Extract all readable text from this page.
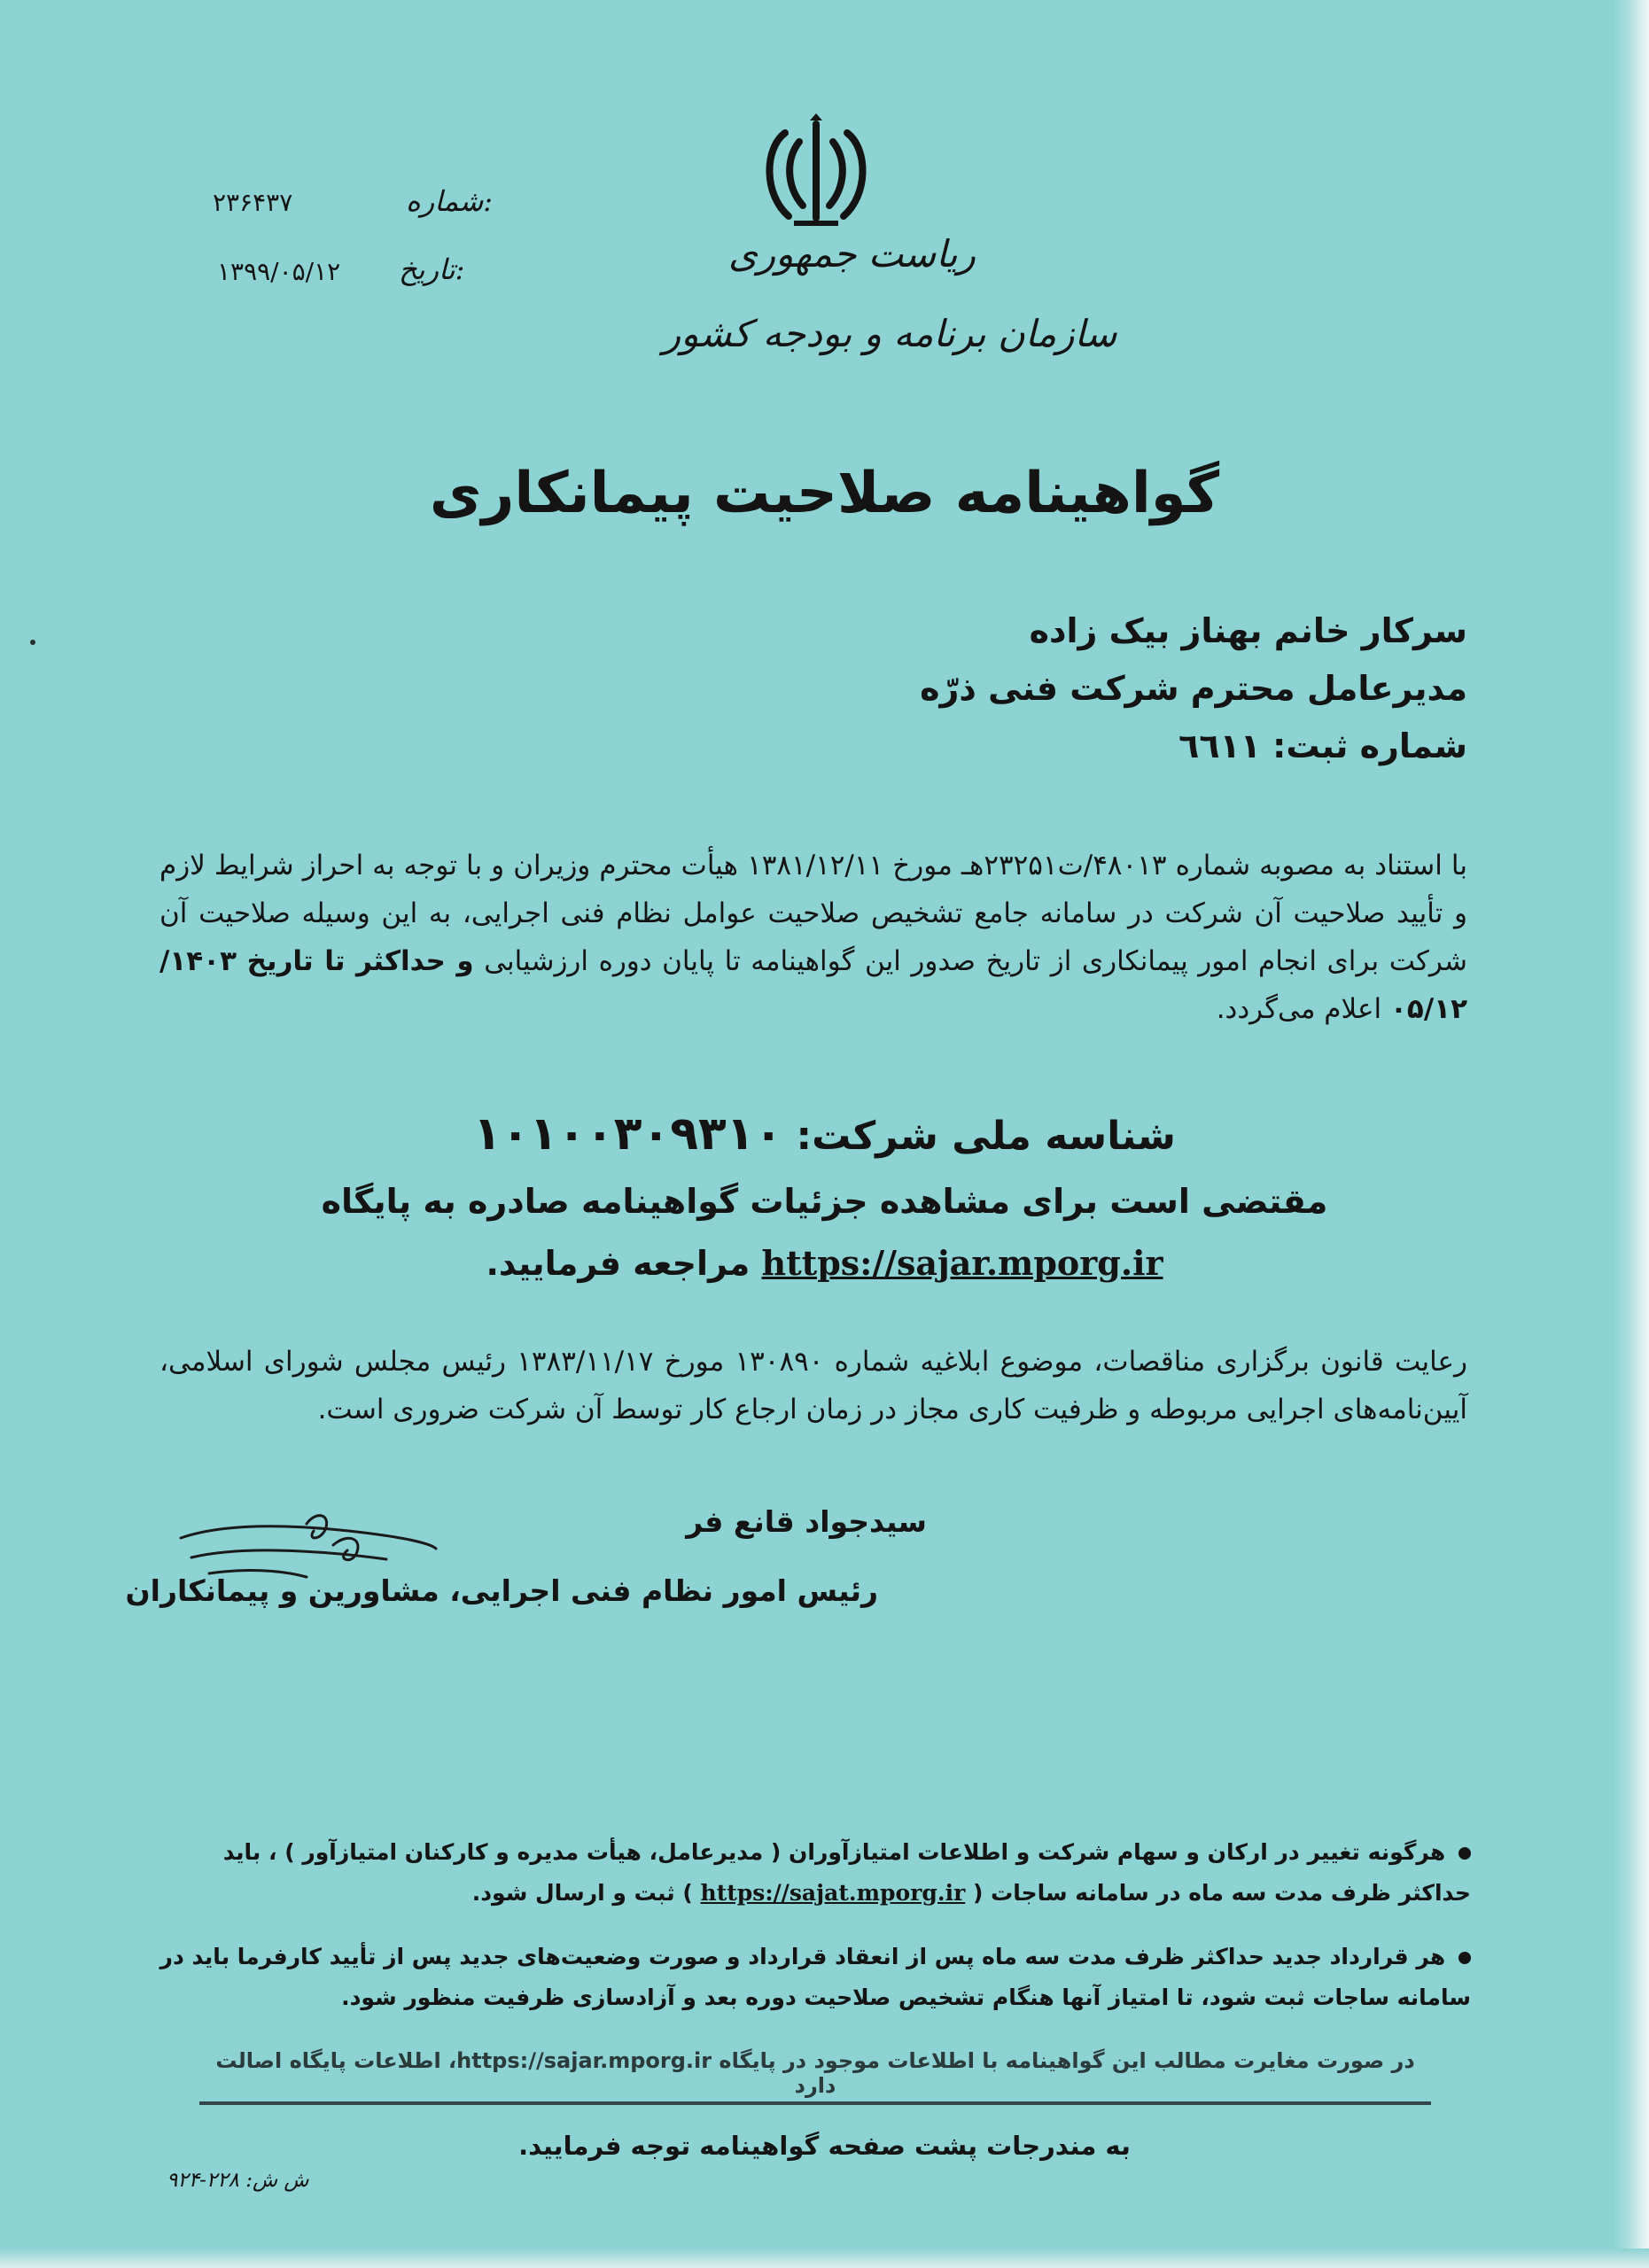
شماره:
۲۳۶۴۳۷
تاریخ:
۱۳۹۹/۰۵/۱۲	ریاست جمهوری
سازمان برنامه و بودجه کشور
گواهینامه صلاحیت پیمانکاری
سرکار خانم بهناز بیک زاده
مدیرعامل محترم شرکت فنی ذرّه
شماره ثبت: ٦٦١١
با استناد به مصوبه شماره ۴۸۰۱۳/ت۲۳۲۵۱هـ مورخ ۱۳۸۱/۱۲/۱۱ هیأت محترم وزیران و با توجه به احراز شرایط لازم و تأیید صلاحیت آن شرکت در سامانه جامع تشخیص صلاحیت عوامل نظام فنی اجرایی، به این وسیله صلاحیت آن شرکت برای انجام امور پیمانکاری از تاریخ صدور این گواهینامه تا پایان دوره ارزشیابی و حداکثر تا تاریخ ۱۴۰۳/ ۰۵/۱۲ اعلام می‌گردد.
شناسه ملی شرکت: ۱۰۱۰۰۳۰۹۳۱۰
مقتضی است برای مشاهده جزئیات گواهینامه صادره به پایگاه
https://sajar.mporg.ir مراجعه فرمایید.
رعایت قانون برگزاری مناقصات، موضوع ابلاغیه شماره ۱۳۰۸۹۰ مورخ ۱۳۸۳/۱۱/۱۷ رئیس مجلس شورای اسلامی، آیین‌نامه‌های اجرایی مربوطه و ظرفیت کاری مجاز در زمان ارجاع کار توسط آن شرکت ضروری است.
سیدجواد قانع فر
رئیس امور نظام فنی اجرایی، مشاورین و پیمانکاران
هرگونه تغییر در ارکان و سهام شرکت و اطلاعات امتیازآوران ( مدیرعامل، هیأت مدیره و کارکنان امتیازآور ) ، باید حداکثر ظرف مدت سه ماه در سامانه ساجات ( https://sajat.mporg.ir ) ثبت و ارسال شود.
هر قرارداد جدید حداکثر ظرف مدت سه ماه پس از انعقاد قرارداد و صورت وضعیت‌های جدید پس از تأیید کارفرما باید در سامانه ساجات ثبت شود، تا امتیاز آنها هنگام تشخیص صلاحیت دوره بعد و آزادسازی ظرفیت منظور شود.
در صورت مغایرت مطالب این گواهینامه با اطلاعات موجود در پایگاه https://sajar.mporg.ir، اطلاعات پایگاه اصالت دارد
به مندرجات پشت صفحه گواهینامه توجه فرمایید.
ش ش: ۲۲۸-۹۲۴
